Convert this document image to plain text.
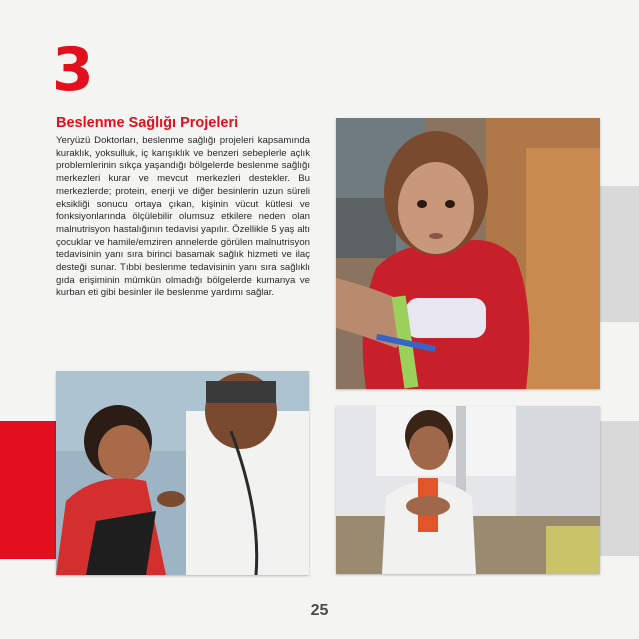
3
Beslenme Sağlığı Projeleri

Yeryüzü Doktorları, beslenme sağlığı projeleri kapsamında kuraklık, yoksulluk, iç karışıklık ve benzeri sebeplerle açlık problemlerinin sıkça yaşandığı bölgelerde beslenme sağlığı merkezleri kurar ve mevcut merkezleri destekler. Bu merkezlerde; protein, enerji ve diğer besinlerin uzun süreli eksikliği sonucu ortaya çıkan, kişinin vücut kütlesi ve fonksiyonlarında ölçülebilir olumsuz etkilere neden olan malnutrisyon hastalığının tedavisi yapılır. Özellikle 5 yaş altı çocuklar ve hamile/emziren annelerde görülen malnutrisyon tedavisinin yanı sıra birinci basamak sağlık hizmeti ve ilaç desteği sunar. Tıbbi beslenme tedavisinin yanı sıra sağlıklı gıda erişiminin mümkün olmadığı bölgelerde kumanya ve kurban eti gibi besinler ile beslenme yardımı sağlar.

25
